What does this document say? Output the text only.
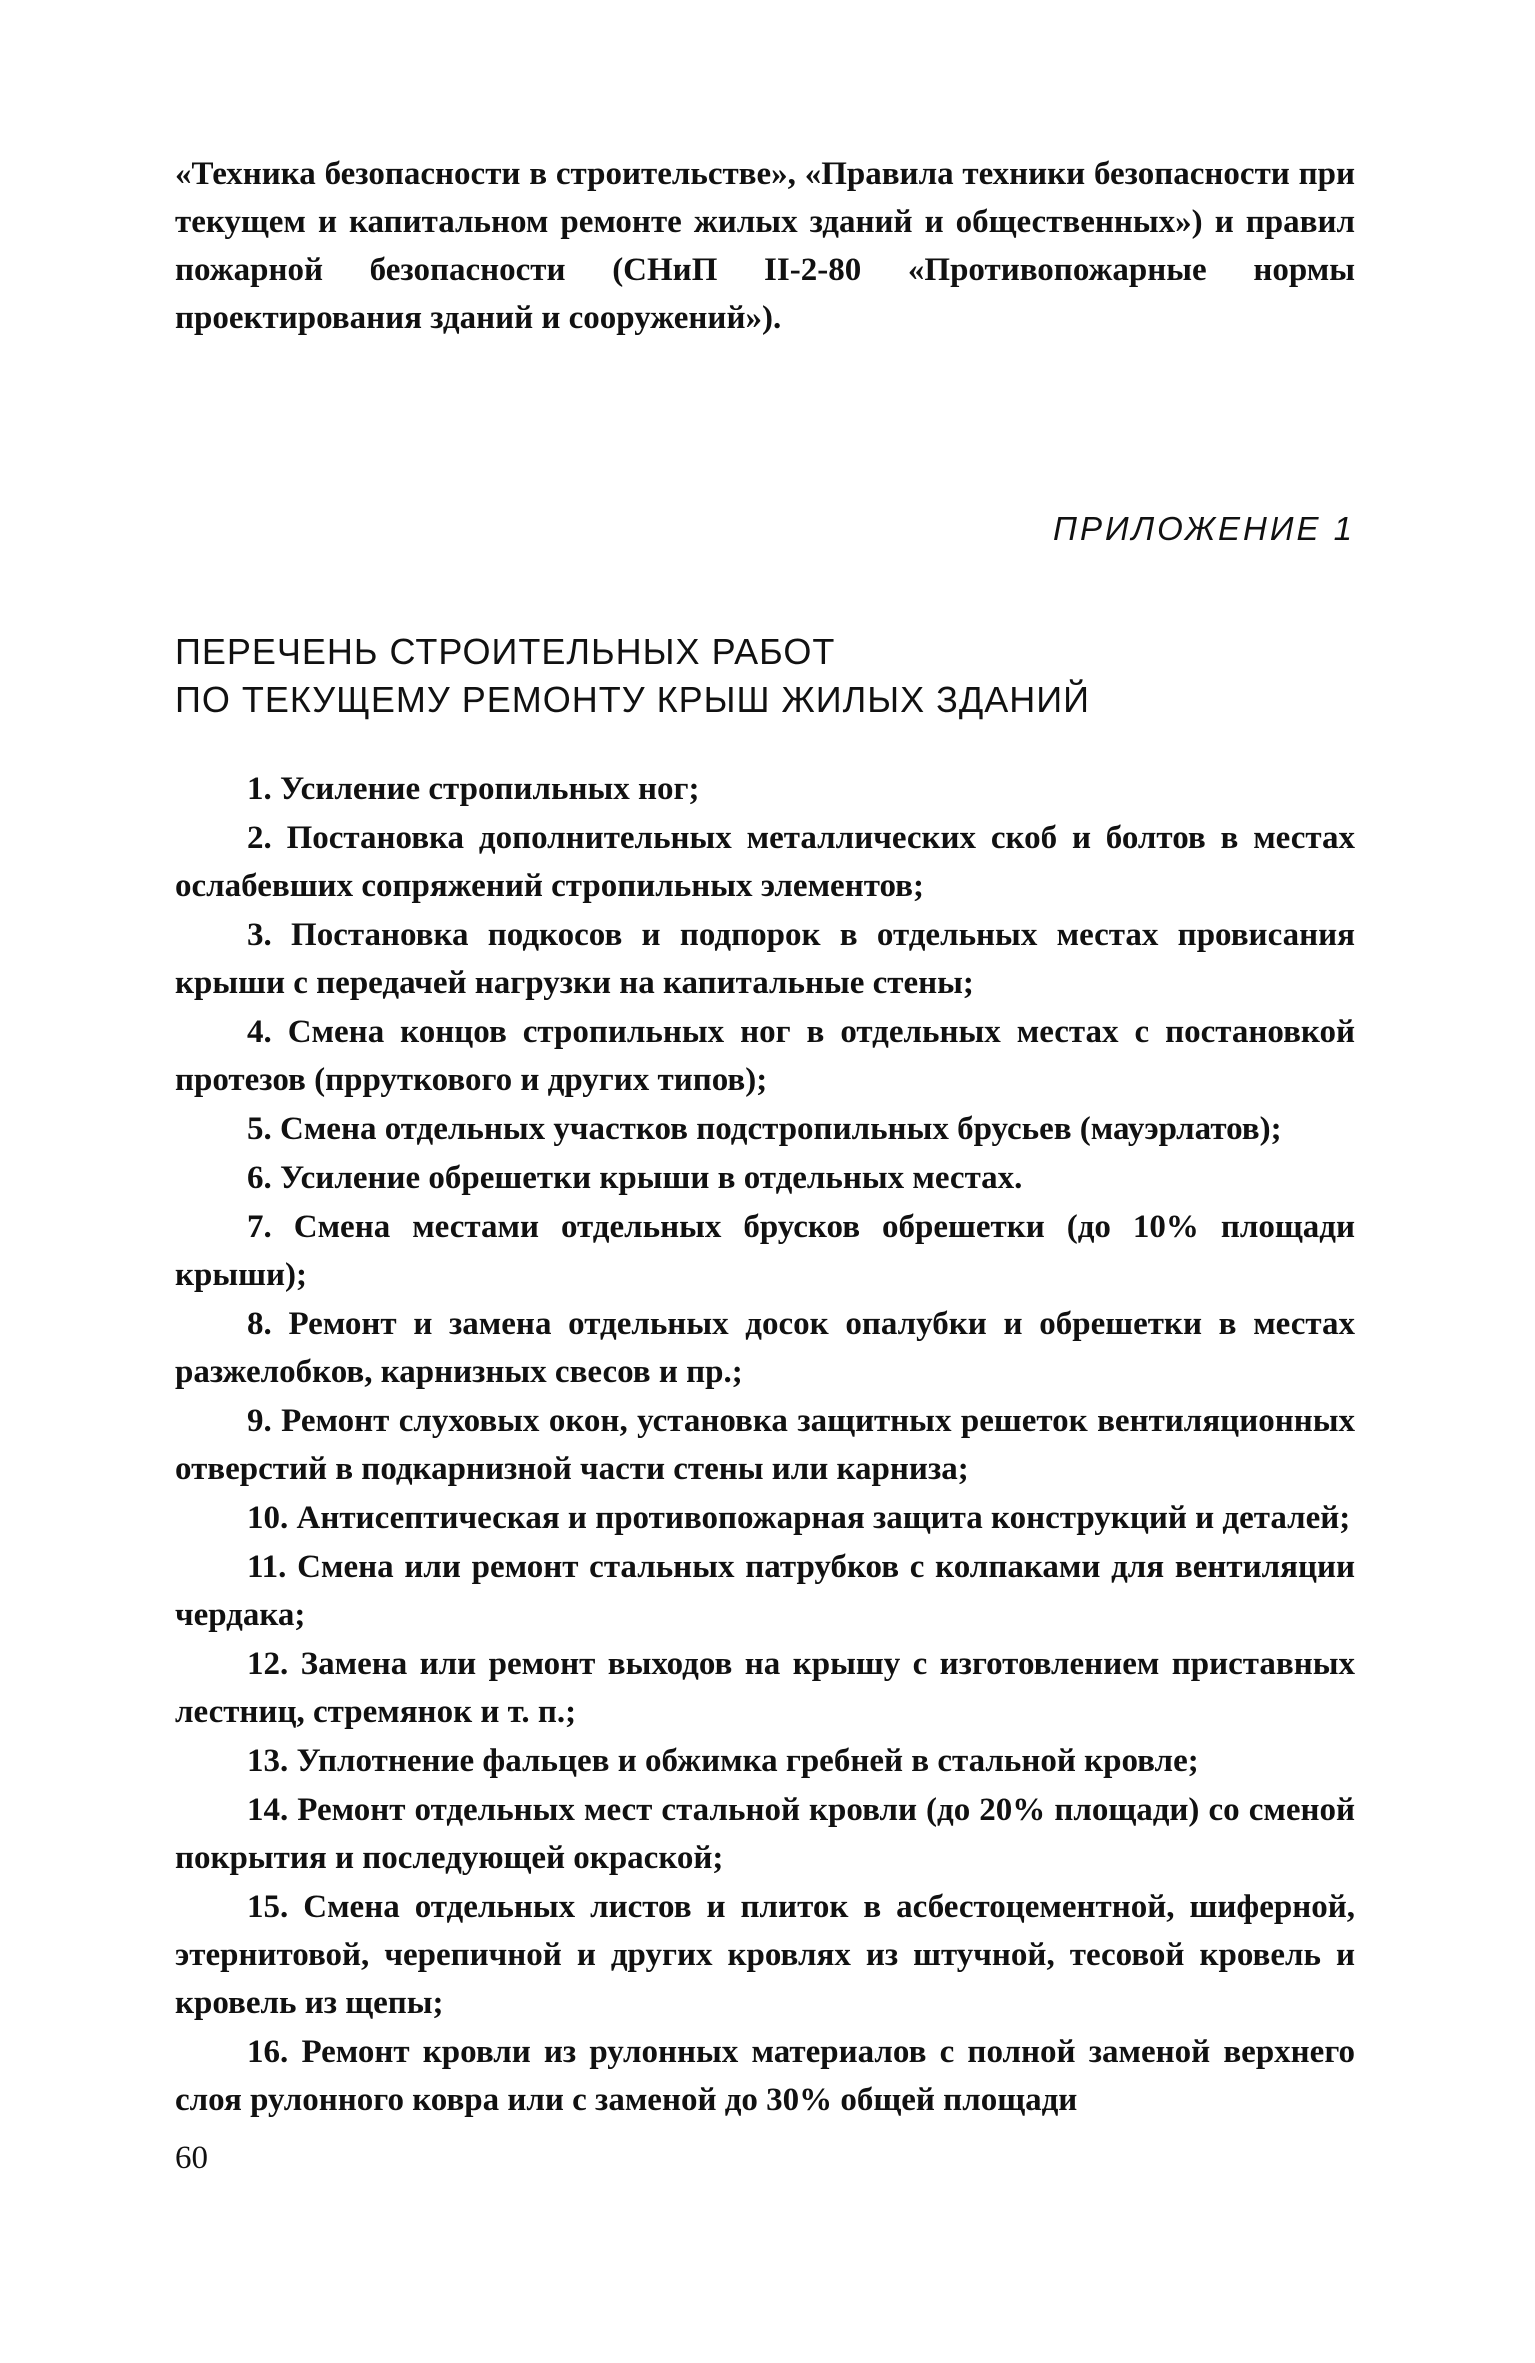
«Техника безопасности в строительстве», «Правила техники безопасности при текущем и капитальном ремонте жилых зданий и общественных») и правил пожарной безопасности (СНиП II-2-80 «Противопожарные нормы проектирования зданий и сооружений»).

ПРИЛОЖЕНИЕ 1
ПЕРЕЧЕНЬ СТРОИТЕЛЬНЫХ РАБОТ
ПО ТЕКУЩЕМУ РЕМОНТУ КРЫШ ЖИЛЫХ ЗДАНИЙ

1. Усиление стропильных ног;

2. Постановка дополнительных металлических скоб и болтов в местах ослабевших сопряжений стропильных элементов;

3. Постановка подкосов и подпорок в отдельных местах провисания крыши с передачей нагрузки на капитальные стены;

4. Смена концов стропильных ног в отдельных местах с постановкой протезов (прруткового и других типов);

5. Смена отдельных участков подстропильных брусьев (мауэрлатов);

6. Усиление обрешетки крыши в отдельных местах.

7. Смена местами отдельных брусков обрешетки (до 10% площади крыши);

8. Ремонт и замена отдельных досок опалубки и обрешетки в местах разжелобков, карнизных свесов и пр.;

9. Ремонт слуховых окон, установка защитных решеток вентиляционных отверстий в подкарнизной части стены или карниза;

10. Антисептическая и противопожарная защита конструкций и деталей;

11. Смена или ремонт стальных патрубков с колпаками для вентиляции чердака;

12. Замена или ремонт выходов на крышу с изготовлением приставных лестниц, стремянок и т. п.;

13. Уплотнение фальцев и обжимка гребней в стальной кровле;

14. Ремонт отдельных мест стальной кровли (до 20% площади) со сменой покрытия и последующей окраской;

15. Смена отдельных листов и плиток в асбестоцементной, шиферной, этернитовой, черепичной и других кровлях из штучной, тесовой кровель и кровель из щепы;

16. Ремонт кровли из рулонных материалов с полной заменой верхнего слоя рулонного ковра или с заменой до 30% общей площади

60
